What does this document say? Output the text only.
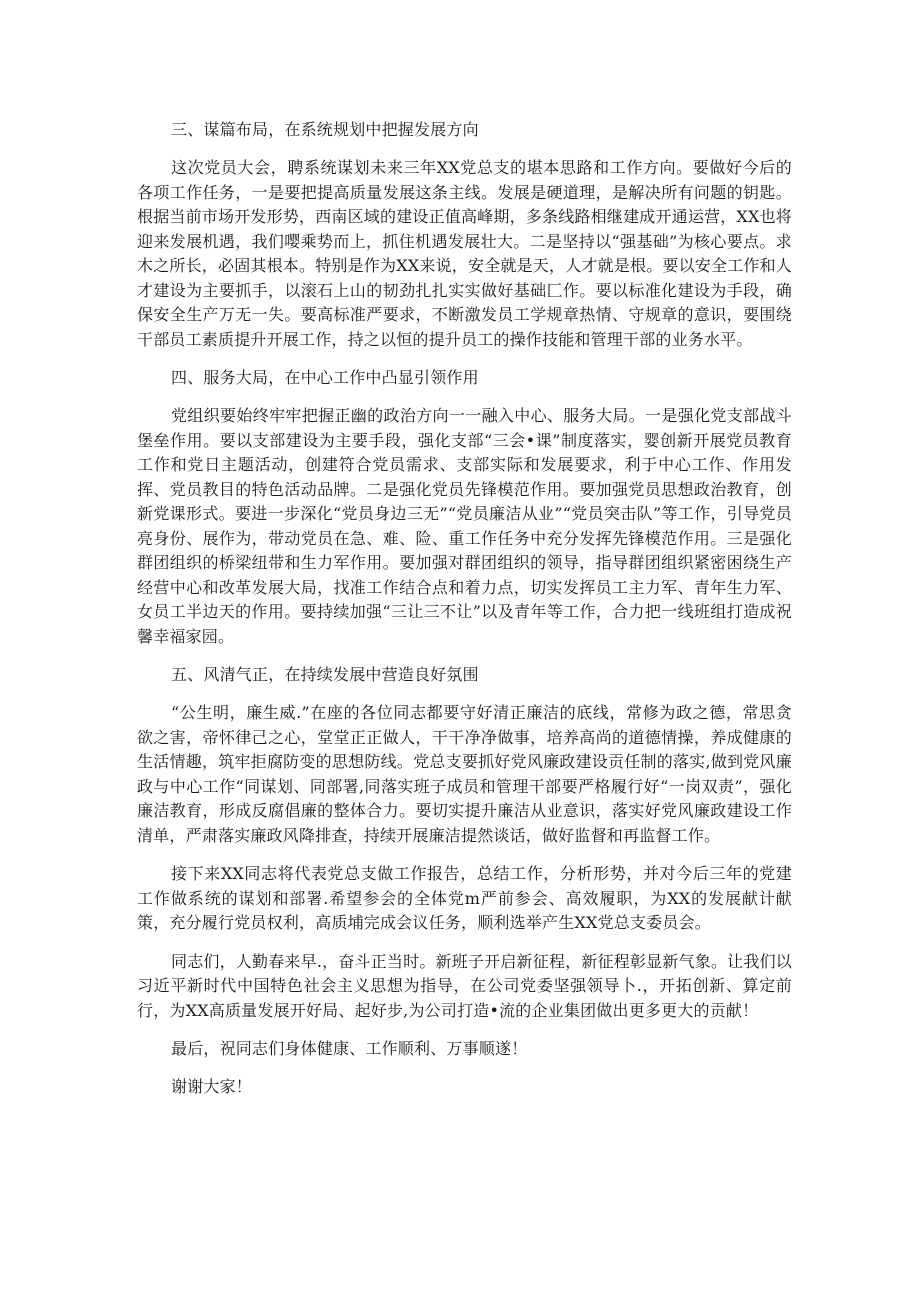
三、谋篇布局，在系统规划中把握发展方向

这次党员大会，聘系统谋划未来三年XX党总支的堪本思路和工作方向。要做好今后的各项工作任务，一是要把提高质量发展这条主线。发展是硬道理，是解决所有问题的钥匙。根据当前市场开发形势，西南区域的建设正值高峰期，多条线路相继建成开通运营，XX也将迎来发展机遇，我们嘤乘势而上，抓住机遇发展壮大。二是坚持以“强基础”为核心要点。求木之所长，必固其根本。特别是作为XX来说，安全就是天，人才就是根。要以安全工作和人才建设为主要抓手，以滚石上山的韧劲扎扎实实做好基础匚作。要以标准化建设为手段，确保安全生产万无一失。要高标准严要求，不断激发员工学规章热情、守规章的意识，要围绕干部员工素质提升开展工作，持之以恒的提升员工的操作技能和管理干部的业务水平。

四、服务大局，在中心工作中凸显引领作用

党组织要始终牢牢把握正幽的政治方向一一融入中心、服务大局。一是强化党支部战斗堡垒作用。要以支部建设为主要手段，强化支部“三会•课”制度落实，婴创新开展党员教育工作和党日主题活动，创建符合党员需求、支部实际和发展要求，利于中心工作、作用发挥、党员教目的特色活动品牌。二是强化党员先锋模范作用。要加强党员思想政治教育，创新党课形式。要进一步深化“党员身边三无”“党员廉洁从业”“党员突击队”等工作，引导党员亮身份、展作为，带动党员在急、难、险、重工作任务中充分发挥先锋模范作用。三是强化群团组织的桥梁纽带和生力军作用。要加强对群团组织的领导，指导群团组织紧密困绕生产经营中心和改革发展大局，找准工作结合点和着力点，切实发挥员工主力军、青年生力军、女员工半边天的作用。要持续加强“三让三不让”以及青年等工作，合力把一线班组打造成祝馨幸福家园。

五、风清气正，在持续发展中营造良好氛围

“公生明，廉生威.”在座的各位同志都要守好清正廉洁的底线，常修为政之德，常思贪欲之害，帝怀律己之心，堂堂正正做人，干干净净做事，培养高尚的道德情操，养成健康的生活情趣，筑牢拒腐防变的思想防线。党总支要抓好党风廉政建设贡任制的落实,做到党风廉政与中心工作“同谋划、同部署,同落实班子成员和管理干部要严格履行好“一岗双责”，强化廉洁教育，形成反腐倡廉的整体合力。要切实提升廉洁从业意识，落实好党风廉政建设工作清单，严肃落实廉政风降排查，持续开展廉洁提然谈话，做好监督和再监督工作。

接下来XX同志将代表党总支做工作报告，总结工作，分析形势，并对今后三年的党建工作做系统的谋划和部署.希望参会的全体党m严前参会、高效履职，为XX的发展献计献策，充分履行党员权利，高质埔完成会议任务，顺利选举产生XX党总支委员会。

同志们，人勤春来早.，奋斗正当时。新班子开启新征程，新征程彰显新气象。让我们以习近平新时代中国特色社会主义思想为指导，在公司党委坚强领导卜.，开拓创新、算定前行，为XX高质量发展开好局、起好步,为公司打造•流的企业集团做出更多更大的贡献！

最后，祝同志们身体健康、工作顺利、万事顺遂！

谢谢大家！
